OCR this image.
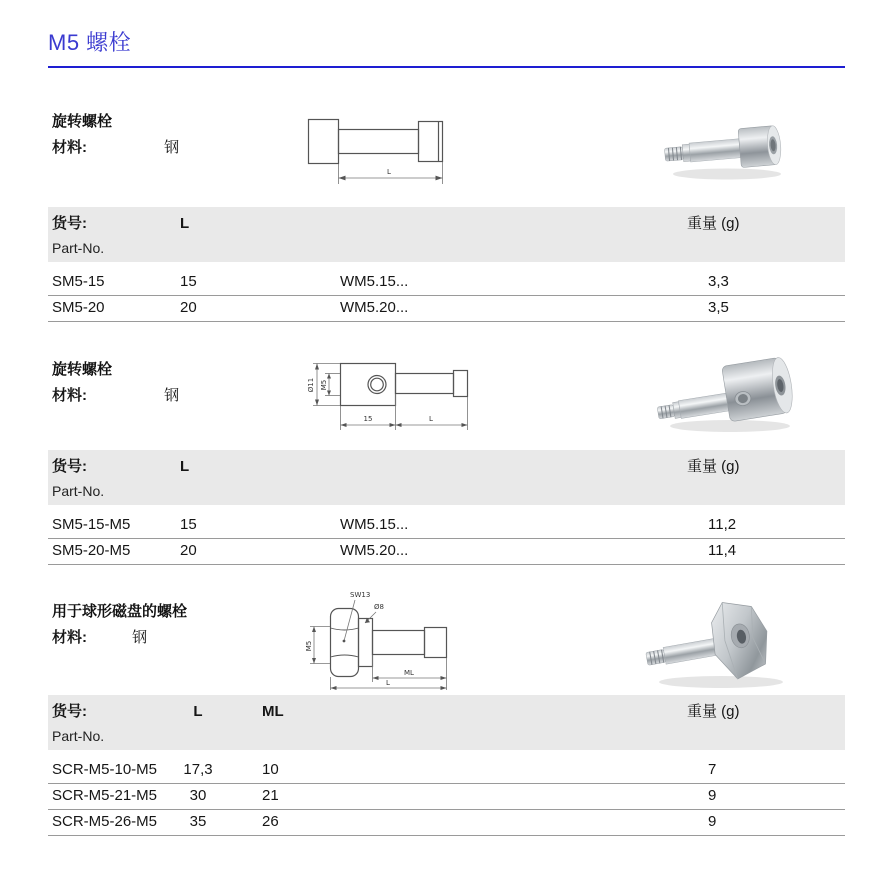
M5 螺栓
旋转螺栓
材料:	钢
L
货号:	L	重量 (g)
Part-No.
SM5-15	15	WM5.15...	3,3
SM5-20	20	WM5.20...	3,5
旋转螺栓
材料:	钢
Ø11 M5
15	L
货号:	L	重量 (g)
Part-No.
SM5-15-M5	15	WM5.15...	11,2
SM5-20-M5	20	WM5.20...	11,4
用于球形磁盘的螺栓
材料:	钢
SW13
Ø8
M5
ML
L
货号:	L	ML	重量 (g)
Part-No.
SCR-M5-10-M5	17,3	10	7
SCR-M5-21-M5	30	21	9
SCR-M5-26-M5	35	26	9
